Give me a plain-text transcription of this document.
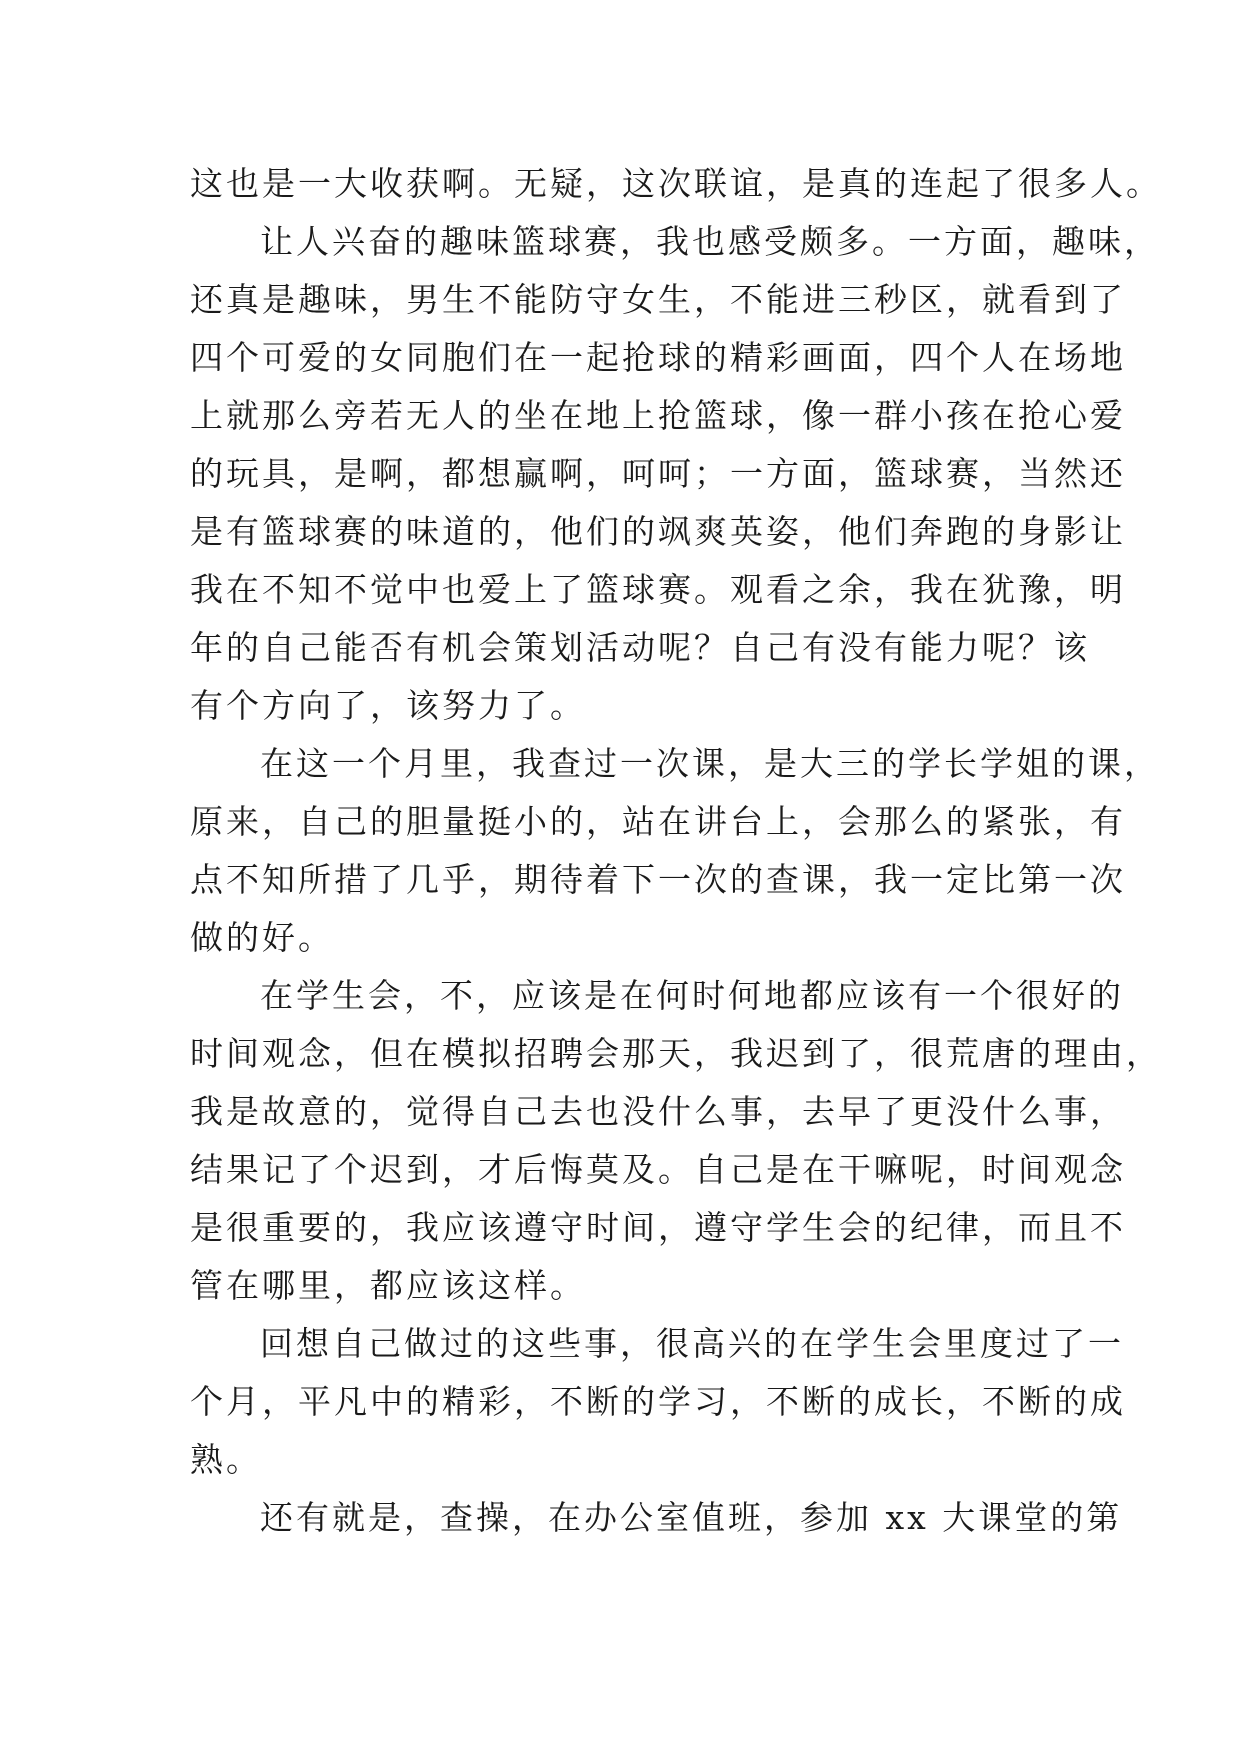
这也是一大收获啊。无疑，这次联谊，是真的连起了很多人。
让人兴奋的趣味篮球赛，我也感受颇多。一方面，趣味，
还真是趣味，男生不能防守女生，不能进三秒区，就看到了
四个可爱的女同胞们在一起抢球的精彩画面，四个人在场地
上就那么旁若无人的坐在地上抢篮球，像一群小孩在抢心爱
的玩具，是啊，都想赢啊，呵呵；一方面，篮球赛，当然还
是有篮球赛的味道的，他们的飒爽英姿，他们奔跑的身影让
我在不知不觉中也爱上了篮球赛。观看之余，我在犹豫，明
年的自己能否有机会策划活动呢？自己有没有能力呢？该
有个方向了，该努力了。
在这一个月里，我查过一次课，是大三的学长学姐的课，
原来，自己的胆量挺小的，站在讲台上，会那么的紧张，有
点不知所措了几乎，期待着下一次的查课，我一定比第一次
做的好。
在学生会，不，应该是在何时何地都应该有一个很好的
时间观念，但在模拟招聘会那天，我迟到了，很荒唐的理由，
我是故意的，觉得自己去也没什么事，去早了更没什么事，
结果记了个迟到，才后悔莫及。自己是在干嘛呢，时间观念
是很重要的，我应该遵守时间，遵守学生会的纪律，而且不
管在哪里，都应该这样。
回想自己做过的这些事，很高兴的在学生会里度过了一
个月，平凡中的精彩，不断的学习，不断的成长，不断的成
熟。
还有就是，查操，在办公室值班，参加 xx 大课堂的第
